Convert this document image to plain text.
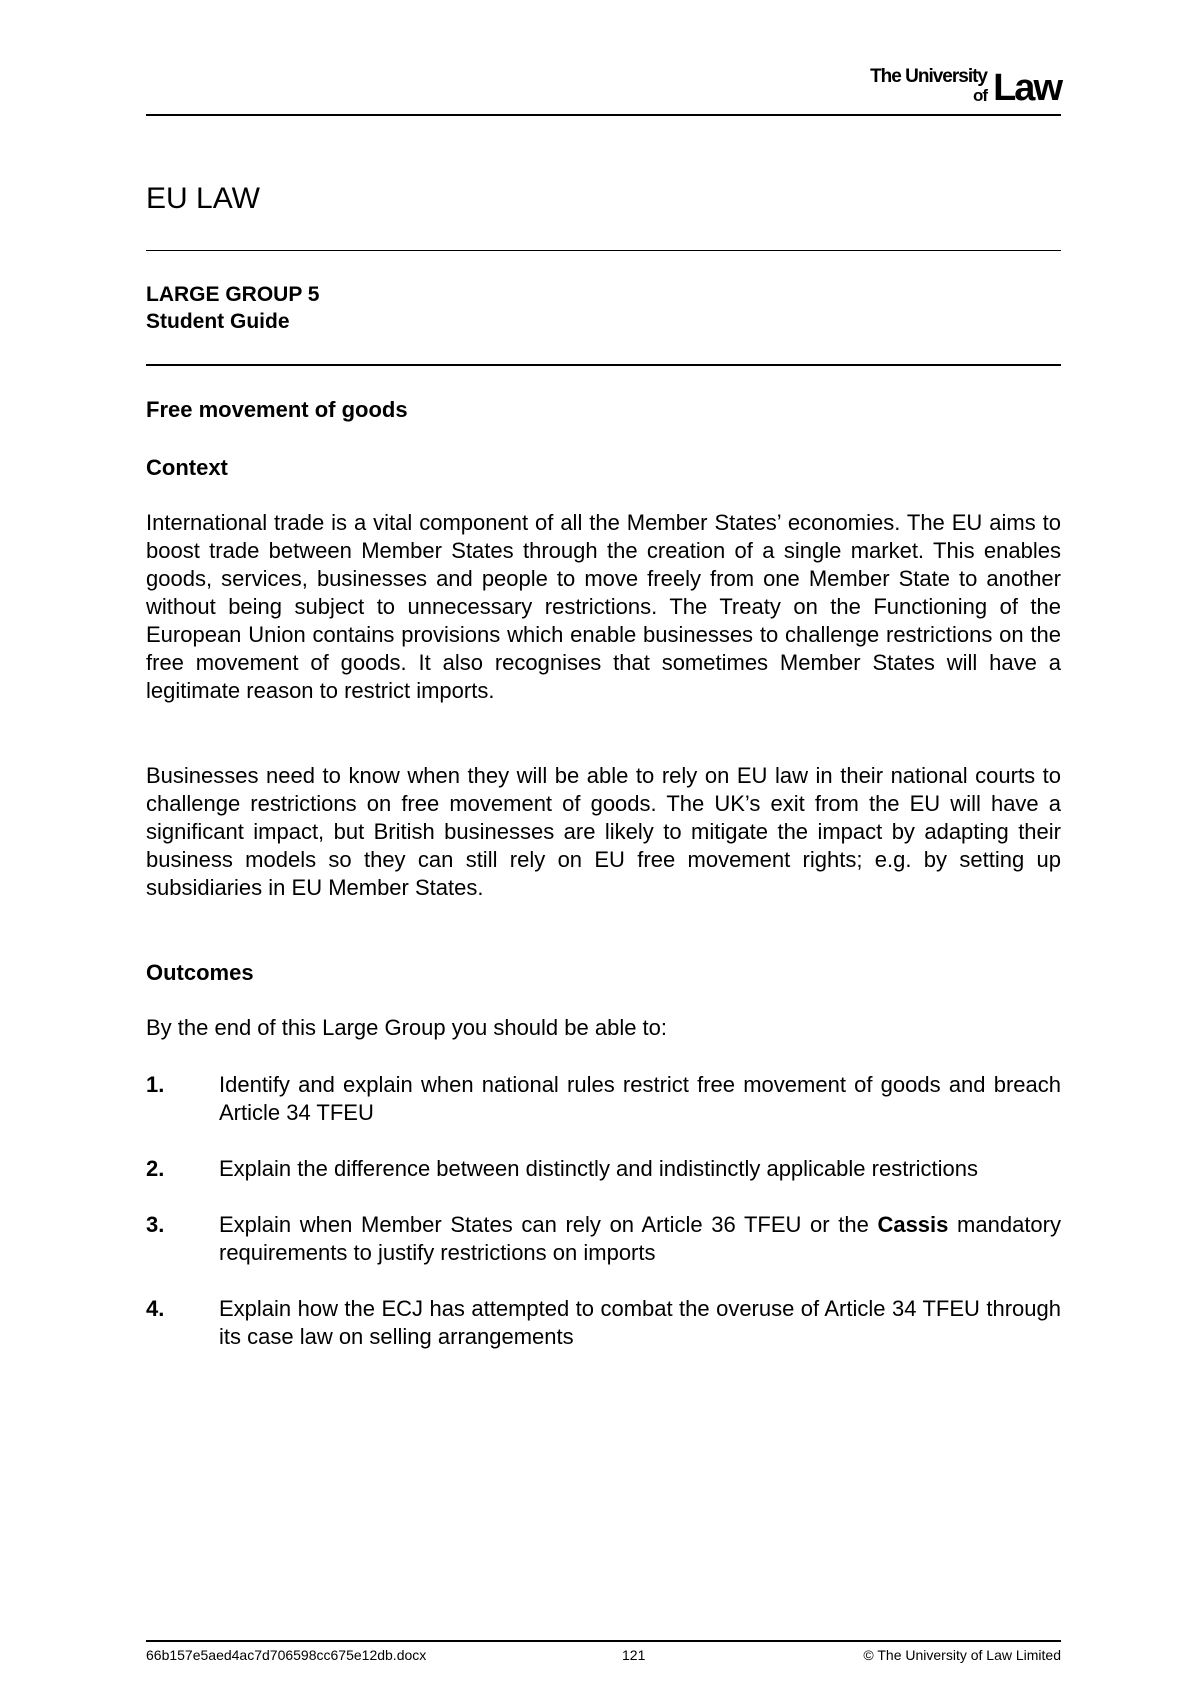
The University
of Law
EU LAW
LARGE GROUP 5
Student Guide
Free movement of goods
Context
International trade is a vital component of all the Member States’ economies. The EU aims to boost trade between Member States through the creation of a single market. This enables goods, services, businesses and people to move freely from one Member State to another without being subject to unnecessary restrictions. The Treaty on the Functioning of the European Union contains provisions which enable businesses to challenge restrictions on the free movement of goods. It also recognises that sometimes Member States will have a legitimate reason to restrict imports.
Businesses need to know when they will be able to rely on EU law in their national courts to challenge restrictions on free movement of goods. The UK’s exit from the EU will have a significant impact, but British businesses are likely to mitigate the impact by adapting their business models so they can still rely on EU free movement rights; e.g. by setting up subsidiaries in EU Member States.
Outcomes
By the end of this Large Group you should be able to:
1. Identify and explain when national rules restrict free movement of goods and breach Article 34 TFEU
2. Explain the difference between distinctly and indistinctly applicable restrictions
3. Explain when Member States can rely on Article 36 TFEU or the Cassis mandatory requirements to justify restrictions on imports
4. Explain how the ECJ has attempted to combat the overuse of Article 34 TFEU through its case law on selling arrangements
66b157e5aed4ac7d706598cc675e12db.docx	121	© The University of Law Limited
